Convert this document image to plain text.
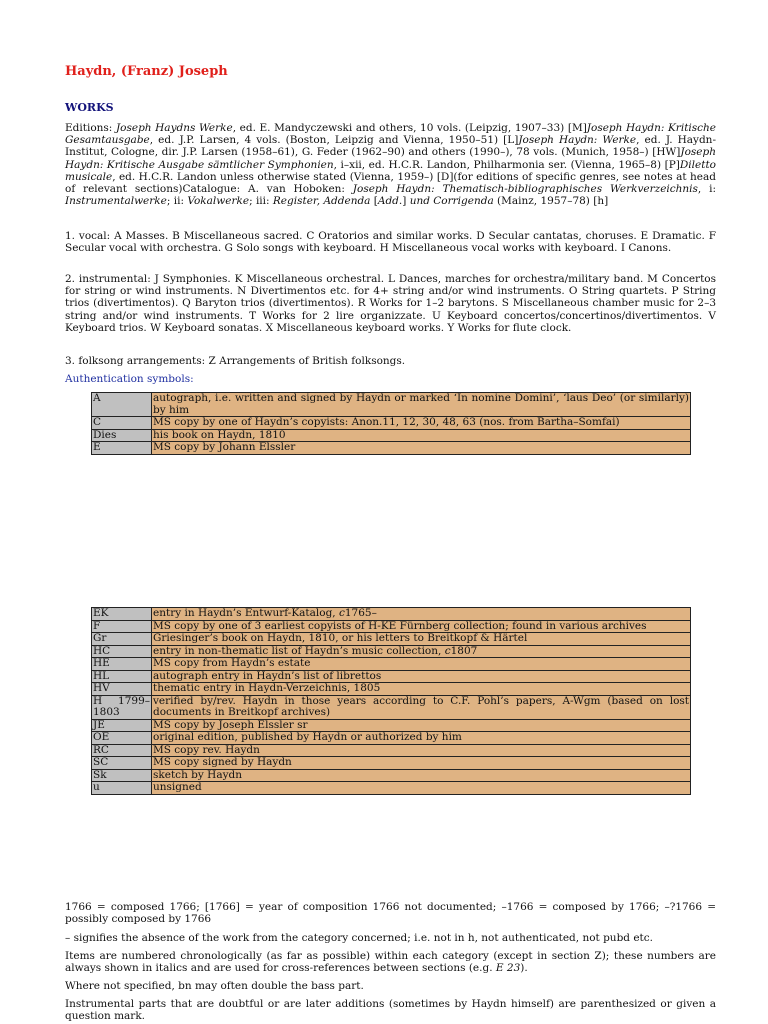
Haydn, (Franz) Joseph
WORKS

Editions: Joseph Haydns Werke, ed. E. Mandyczewski and others, 10 vols. (Leipzig, 1907–33) [M]Joseph Haydn: Kritische Gesamtausgabe, ed. J.P. Larsen, 4 vols. (Boston, Leipzig and Vienna, 1950–51) [L]Joseph Haydn: Werke, ed. J. Haydn-Institut, Cologne, dir. J.P. Larsen (1958–61), G. Feder (1962–90) and others (1990–), 78 vols. (Munich, 1958–) [HW]Joseph Haydn: Kritische Ausgabe sämtlicher Symphonien, i–xii, ed. H.C.R. Landon, Philharmonia ser. (Vienna, 1965–8) [P]Diletto musicale, ed. H.C.R. Landon unless otherwise stated (Vienna, 1959–) [D](for editions of specific genres, see notes at head of relevant sections)Catalogue: A. van Hoboken: Joseph Haydn: Thematisch-bibliographisches Werkverzeichnis, i: Instrumentalwerke; ii: Vokalwerke; iii: Register, Addenda [Add.] und Corrigenda (Mainz, 1957–78) [h]

1. vocal: A Masses. B Miscellaneous sacred. C Oratorios and similar works. D Secular cantatas, choruses. E Dramatic. F Secular vocal with orchestra. G Solo songs with keyboard. H Miscellaneous vocal works with keyboard. I Canons.

2. instrumental: J Symphonies. K Miscellaneous orchestral. L Dances, marches for orchestra/military band. M Concertos for string or wind instruments. N Divertimentos etc. for 4+ string and/or wind instruments. O String quartets. P String trios (divertimentos). Q Baryton trios (divertimentos). R Works for 1–2 barytons. S Miscellaneous chamber music for 2–3 string and/or wind instruments. T Works for 2 lire organizzate. U Keyboard concertos/concertinos/divertimentos. V Keyboard trios. W Keyboard sonatas. X Miscellaneous keyboard works. Y Works for flute clock.

3. folksong arrangements: Z Arrangements of British folksongs.

Authentication symbols:

A	autograph, i.e. written and signed by Haydn or marked ‘In nomine Domini’, ‘laus Deo’ (or similarly) by him
C	MS copy by one of Haydn’s copyists: Anon.11, 12, 30, 48, 63 (nos. from Bartha–Somfai)
Dies	his book on Haydn, 1810
E	MS copy by Johann Elssler
EK	entry in Haydn’s Entwurf-Katalog, c1765–
F	MS copy by one of 3 earliest copyists of H-KE Fürnberg collection; found in various archives
Gr	Griesinger’s book on Haydn, 1810, or his letters to Breitkopf & Härtel
HC	entry in non-thematic list of Haydn’s music collection, c1807
HE	MS copy from Haydn’s estate
HL	autograph entry in Haydn’s list of librettos
HV	thematic entry in Haydn-Verzeichnis, 1805
H 1799–1803	verified by/rev. Haydn in those years according to C.F. Pohl’s papers, A-Wgm (based on lost documents in Breitkopf archives)
JE	MS copy by Joseph Elssler sr
OE	original edition, published by Haydn or authorized by him
RC	MS copy rev. Haydn
SC	MS copy signed by Haydn
Sk	sketch by Haydn
u	unsigned

1766 = composed 1766; [1766] = year of composition 1766 not documented; –1766 = composed by 1766; –?1766 = possibly composed by 1766

– signifies the absence of the work from the category concerned; i.e. not in h, not authenticated, not pubd etc.

Items are numbered chronologically (as far as possible) within each category (except in section Z); these numbers are always shown in italics and are used for cross-references between sections (e.g. E 23).

Where not specified, bn may often double the bass part.

Instrumental parts that are doubtful or are later additions (sometimes by Haydn himself) are parenthesized or given a question mark.
